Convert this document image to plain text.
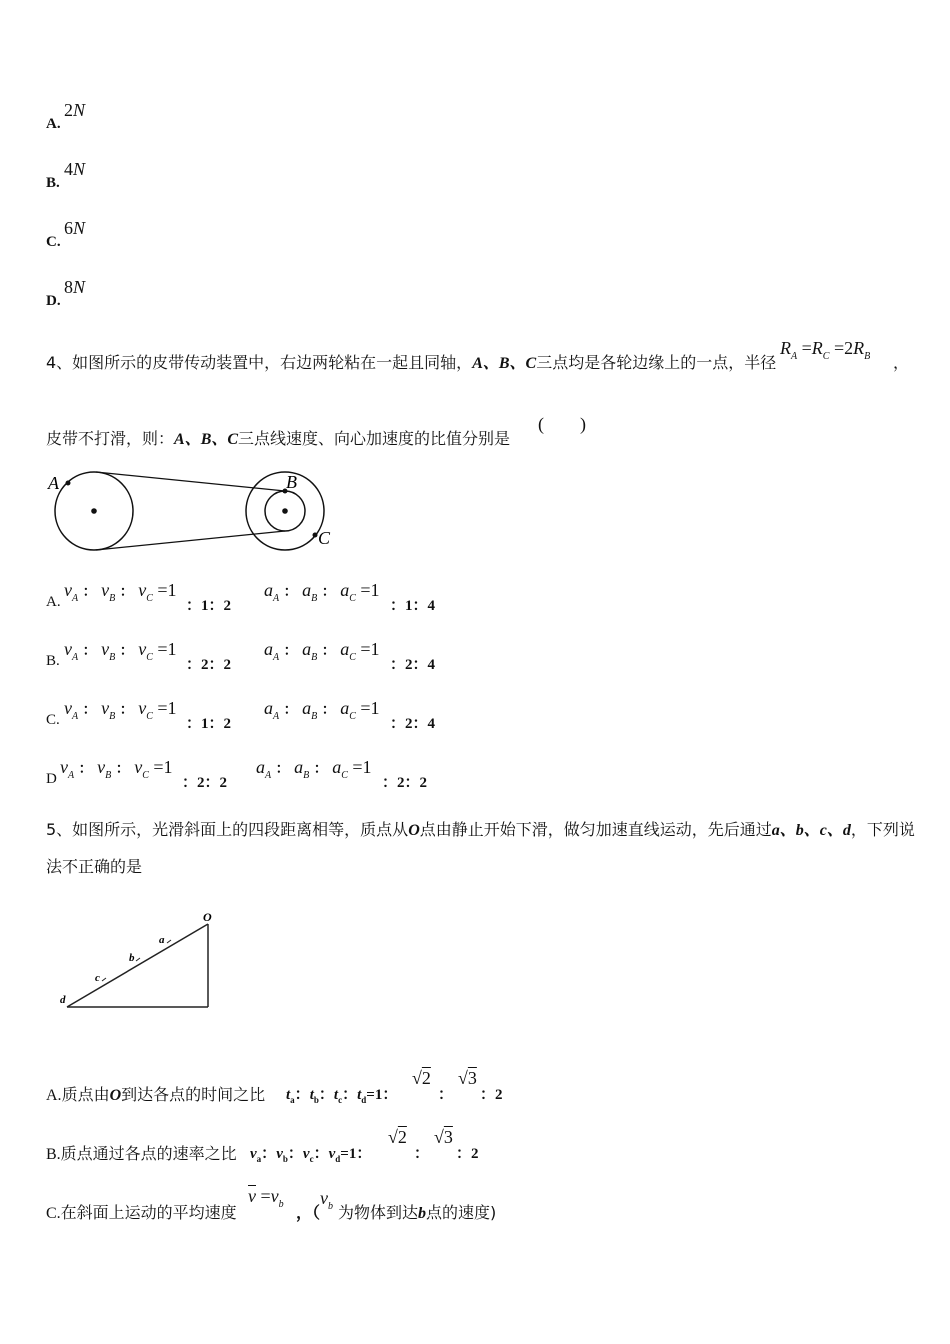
A.
2N
B.
4N
C.
6N
D.
8N
4、如图所示的皮带传动装置中，右边两轮粘在一起且同轴，A、B、C三点均是各轮边缘上的一点，半径
$R_A =R_C =2R_B$ ，
皮带不打滑，则：A、B、C三点线速度、向心加速度的比值分别是
(　　)
A	B
C
A.
$v_A$ ： $v_B$ ： $v_C =1$
：1：2
$a_A$ ： $a_B$ ： $a_C =1$
：1：4
B.
$v_A$ ： $v_B$ ： $v_C =1$
：2：2
$a_A$ ： $a_B$ ： $a_C =1$
：2：4
C.
$v_A$ ： $v_B$ ： $v_C =1$
：1：2
$a_A$ ： $a_B$ ： $a_C =1$
：2：4
D
$v_A$ ： $v_B$ ： $v_C =1$
：2：2
$a_A$ ： $a_B$ ： $a_C =1$
：2：2
5、如图所示，光滑斜面上的四段距离相等，质点从O点由静止开始下滑，做匀加速直线运动，先后通过a、b、c、d，下列说
法不正确的是
O
a
b
c
d
A.质点由O到达各点的时间之比 $t_a$：$t_b$：$t_c$：$t_d=1$：
√2
：
√3
：2
B.质点通过各点的速率之比 $v_a$：$v_b$：$v_c$：$v_d=1$：
√2
：
√3
：2
C.在斜面上运动的平均速度
$\overline{v} =v_b$ ，（
$v_b$ 为物体到达b点的速度)
